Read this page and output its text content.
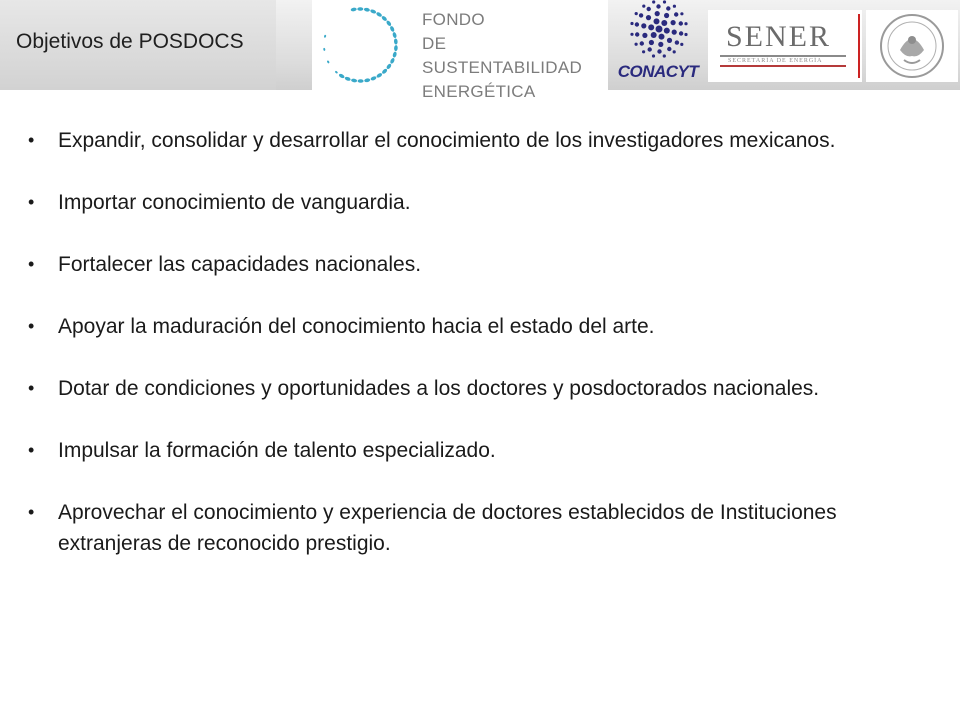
Objetivos de POSDOCS
FONDO
DE SUSTENTABILIDAD
ENERGÉTICA
CONACYT
SENER
SECRETARÍA DE ENERGÍA
• Expandir, consolidar y desarrollar el conocimiento de los investigadores mexicanos.
• Importar conocimiento de vanguardia.
• Fortalecer las capacidades nacionales.
• Apoyar la maduración del conocimiento hacia el estado del arte.
• Dotar de condiciones y oportunidades a los doctores y posdoctorados nacionales.
• Impulsar la formación de talento especializado.
• Aprovechar el conocimiento y experiencia de doctores establecidos de Instituciones extranjeras de reconocido prestigio.
